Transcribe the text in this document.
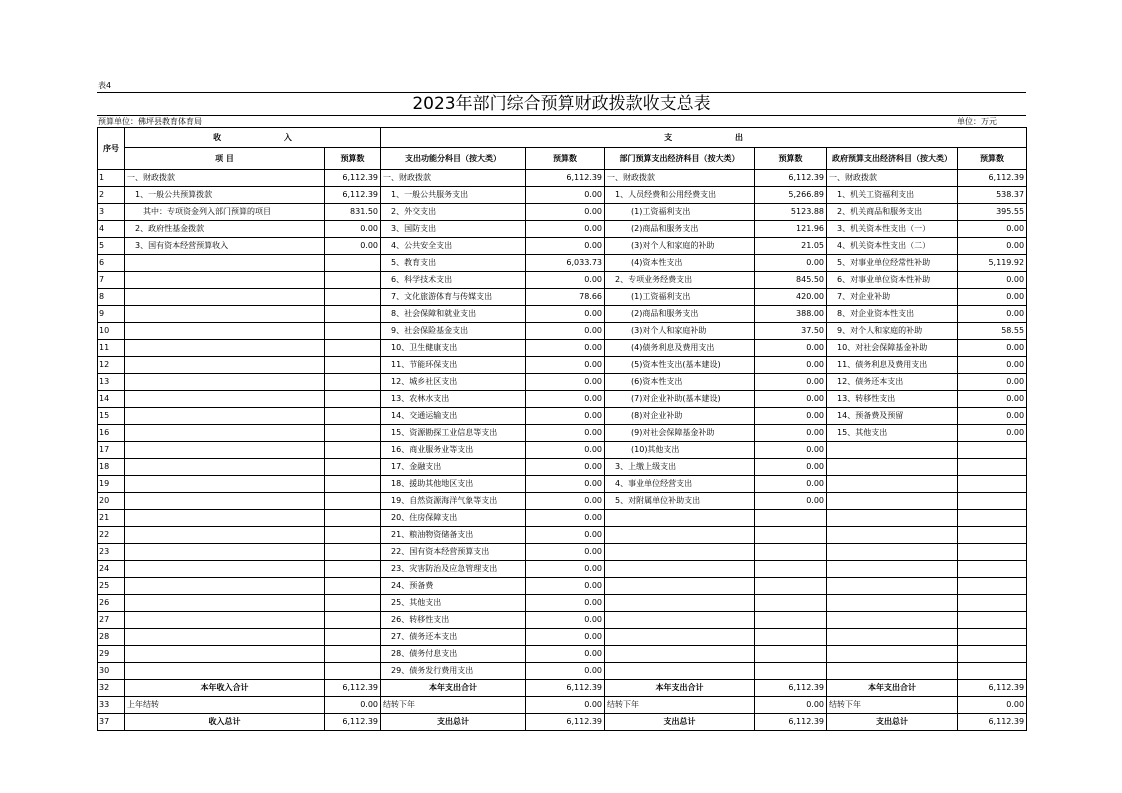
表4
2023年部门综合预算财政拨款收支总表
预算单位：佛坪县教育体育局	单位：万元
序号	收 入		支 出					
	项 目	预算数	支出功能分科目（按大类）	预算数	部门预算支出经济科目（按大类）	预算数	政府预算支出经济科目（按大类）	预算数
1	一、财政拨款	6,112.39	一、财政拨款	6,112.39	一、财政拨款	6,112.39	一、财政拨款	6,112.39
2	　1、一般公共预算拨款	6,112.39	　1、一般公共服务支出	0.00	　1、人员经费和公用经费支出	5,266.89	　1、机关工资福利支出	538.37
3	　　其中：专项资金列入部门预算的项目	831.50	　2、外交支出	0.00	　　　(1)工资福利支出	5123.88	　2、机关商品和服务支出	395.55
4	　2、政府性基金拨款	0.00	　3、国防支出	0.00	　　　(2)商品和服务支出	121.96	　3、机关资本性支出（一）	0.00
5	　3、国有资本经营预算收入	0.00	　4、公共安全支出	0.00	　　　(3)对个人和家庭的补助	21.05	　4、机关资本性支出（二）	0.00
6			　5、教育支出	6,033.73	　　　(4)资本性支出	0.00	　5、对事业单位经常性补助	5,119.92
7			　6、科学技术支出	0.00	　2、专项业务经费支出	845.50	　6、对事业单位资本性补助	0.00
8			　7、文化旅游体育与传媒支出	78.66	　　　(1)工资福利支出	420.00	　7、对企业补助	0.00
9			　8、社会保障和就业支出	0.00	　　　(2)商品和服务支出	388.00	　8、对企业资本性支出	0.00
10			　9、社会保险基金支出	0.00	　　　(3)对个人和家庭补助	37.50	　9、对个人和家庭的补助	58.55
11			　10、卫生健康支出	0.00	　　　(4)债务利息及费用支出	0.00	　10、对社会保障基金补助	0.00
12			　11、节能环保支出	0.00	　　　(5)资本性支出(基本建设)	0.00	　11、债务利息及费用支出	0.00
13			　12、城乡社区支出	0.00	　　　(6)资本性支出	0.00	　12、债务还本支出	0.00
14			　13、农林水支出	0.00	　　　(7)对企业补助(基本建设)	0.00	　13、转移性支出	0.00
15			　14、交通运输支出	0.00	　　　(8)对企业补助	0.00	　14、预备费及预留	0.00
16			　15、资源勘探工业信息等支出	0.00	　　　(9)对社会保障基金补助	0.00	　15、其他支出	0.00
17			　16、商业服务业等支出	0.00	　　　(10)其他支出	0.00		
18			　17、金融支出	0.00	　3、上缴上级支出	0.00		
19			　18、援助其他地区支出	0.00	　4、事业单位经营支出	0.00		
20			　19、自然资源海洋气象等支出	0.00	　5、对附属单位补助支出	0.00		
21			　20、住房保障支出	0.00				
22			　21、粮油物资储备支出	0.00				
23			　22、国有资本经营预算支出	0.00				
24			　23、灾害防治及应急管理支出	0.00				
25			　24、预备费	0.00				
26			　25、其他支出	0.00				
27			　26、转移性支出	0.00				
28			　27、债务还本支出	0.00				
29			　28、债务付息支出	0.00				
30			　29、债务发行费用支出	0.00				
32	本年收入合计	6,112.39	本年支出合计	6,112.39	本年支出合计	6,112.39	本年支出合计	6,112.39
33	上年结转	0.00	结转下年	0.00	结转下年	0.00	结转下年	0.00
37	收入总计	6,112.39	支出总计	6,112.39	支出总计	6,112.39	支出总计	6,112.39
